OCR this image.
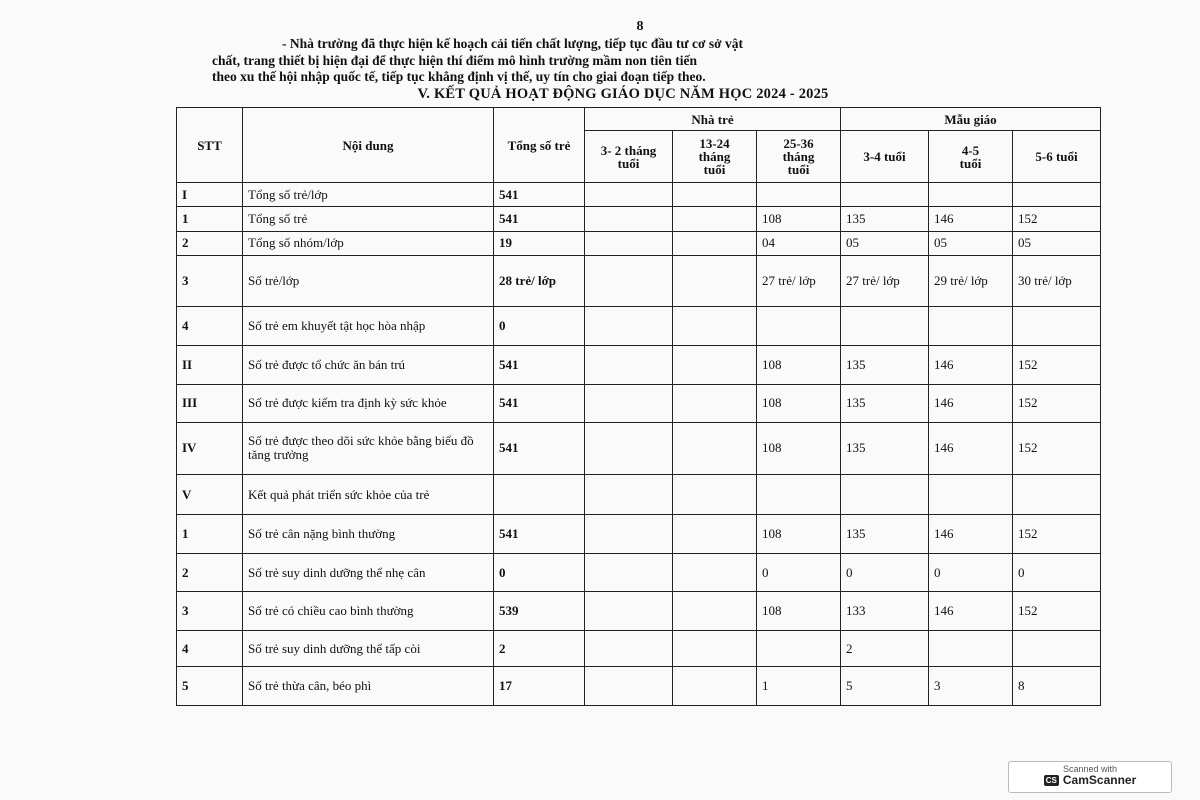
8
- Nhà trường đã thực hiện kế hoạch cải tiến chất lượng, tiếp tục đầu tư cơ sở vật
chất, trang thiết bị hiện đại để thực hiện thí điểm mô hình trường mầm non tiên tiến
theo xu thế hội nhập quốc tế, tiếp tục khẳng định vị thế, uy tín cho giai đoạn tiếp theo.
V. KẾT QUẢ HOẠT ĐỘNG GIÁO DỤC NĂM HỌC 2024 - 2025
STT	Nội dung	Tổng số trẻ	Nhà trẻ			Mẫu giáo		
			3- 2 tháng tuổi	13-24 tháng tuổi	25-36 tháng tuổi	3-4 tuổi	4-5 tuổi	5-6 tuổi
I	Tổng số trẻ/lớp	541						
1	Tổng số trẻ	541			108	135	146	152
2	Tổng số nhóm/lớp	19			04	05	05	05
3	Số trẻ/lớp	28 trẻ/ lớp			27 trẻ/ lớp	27 trẻ/ lớp	29 trẻ/ lớp	30 trẻ/ lớp
4	Số trẻ em khuyết tật học hòa nhập	0						
II	Số trẻ được tổ chức ăn bán trú	541			108	135	146	152
III	Số trẻ được kiểm tra định kỳ sức khỏe	541			108	135	146	152
IV	Số trẻ được theo dõi sức khỏe bằng biểu đồ tăng trưởng	541			108	135	146	152
V	Kết quả phát triển sức khỏe của trẻ							
1	Số trẻ cân nặng bình thường	541			108	135	146	152
2	Số trẻ suy dinh dưỡng thể nhẹ cân	0			0	0	0	0
3	Số trẻ có chiều cao bình thường	539			108	133	146	152
4	Số trẻ suy dinh dưỡng thể tấp còi	2				2		
5	Số trẻ thừa cân, béo phì	17			1	5	3	8
Scanned with
CS CamScanner
